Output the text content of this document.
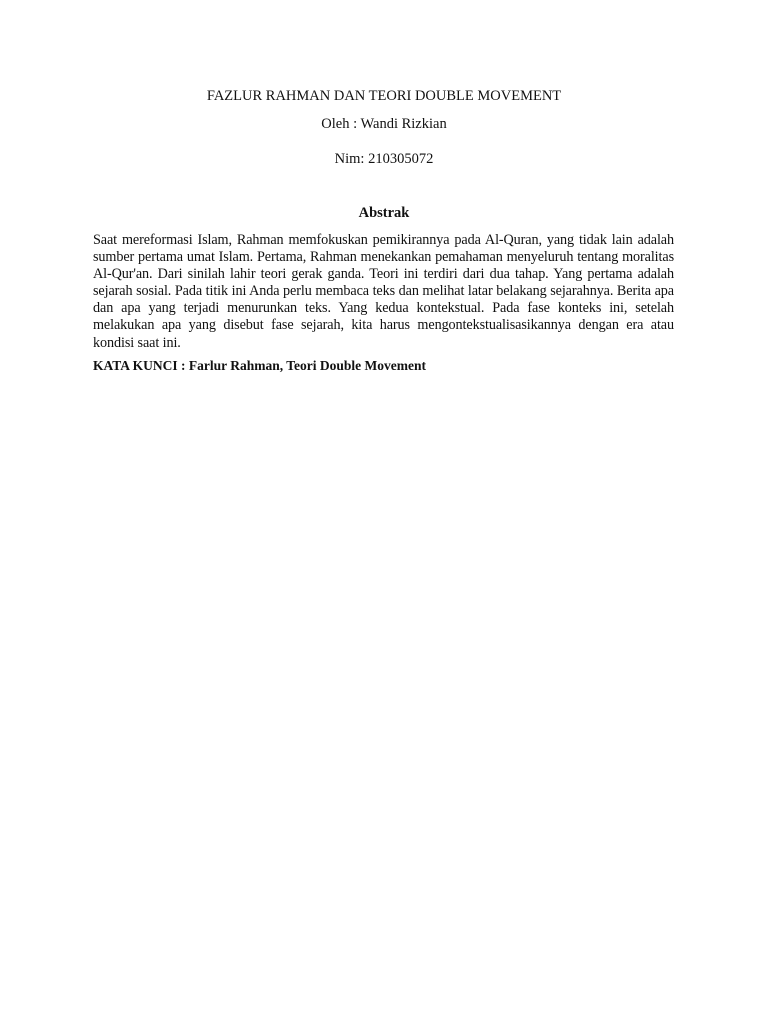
FAZLUR RAHMAN DAN TEORI DOUBLE MOVEMENT
Oleh : Wandi Rizkian
Nim: 210305072
Abstrak
Saat mereformasi Islam, Rahman memfokuskan pemikirannya pada Al-Quran, yang tidak lain adalah sumber pertama umat Islam. Pertama, Rahman menekankan pemahaman menyeluruh tentang moralitas Al-Qur'an. Dari sinilah lahir teori gerak ganda. Teori ini terdiri dari dua tahap. Yang pertama adalah sejarah sosial. Pada titik ini Anda perlu membaca teks dan melihat latar belakang sejarahnya. Berita apa dan apa yang terjadi menurunkan teks. Yang kedua kontekstual. Pada fase konteks ini, setelah melakukan apa yang disebut fase sejarah, kita harus mengontekstualisasikannya dengan era atau kondisi saat ini.
KATA KUNCI : Farlur Rahman, Teori Double Movement
